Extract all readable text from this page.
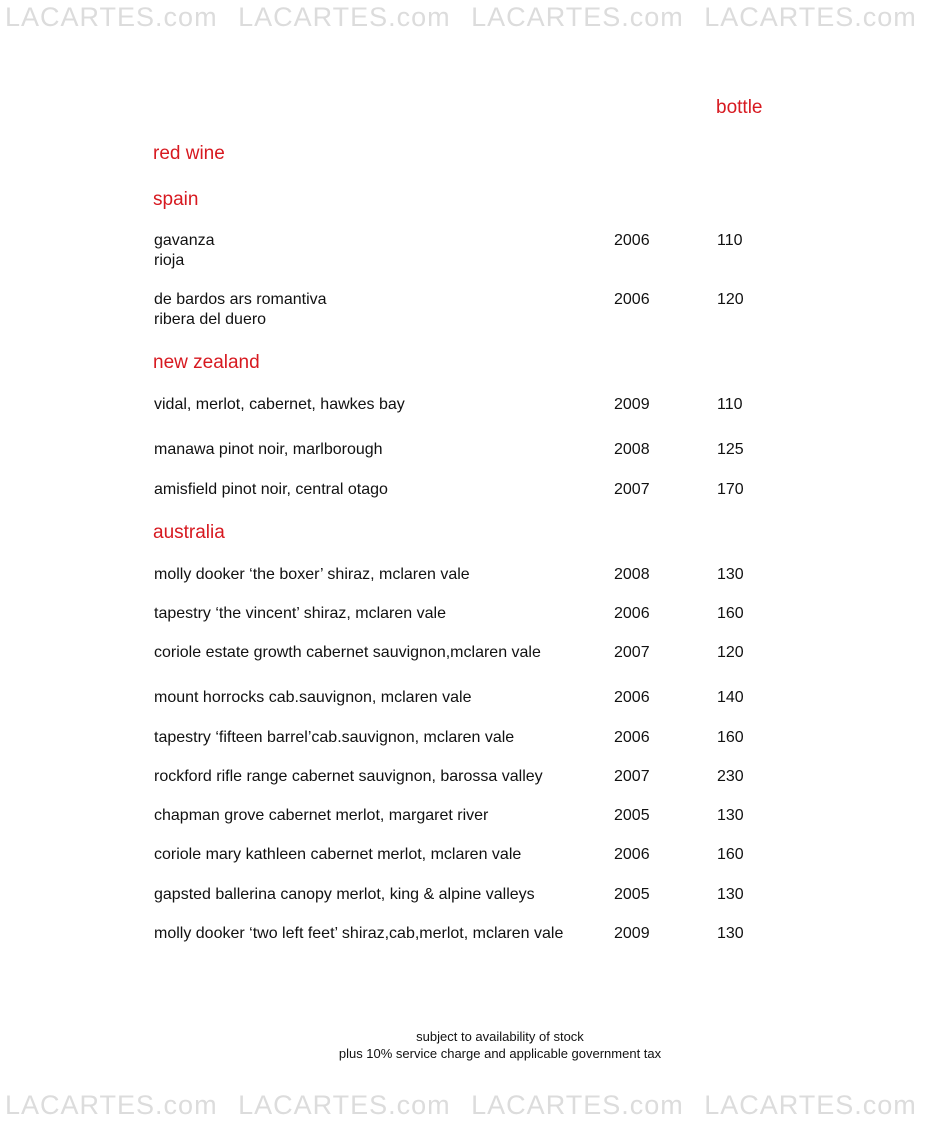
LACARTES.com LACARTES.com LACARTES.com LACARTES.com
bottle
red wine
spain
gavanza
rioja
2006	110
de bardos ars romantiva
ribera del duero
2006	120
new zealand
vidal, merlot, cabernet, hawkes bay	2009	110
manawa pinot noir, marlborough	2008	125
amisfield pinot noir, central otago	2007	170
australia
molly dooker ‘the boxer’ shiraz, mclaren vale	2008	130
tapestry ‘the vincent’ shiraz, mclaren vale	2006	160
coriole estate growth cabernet sauvignon,mclaren vale	2007	120
mount horrocks cab.sauvignon, mclaren vale	2006	140
tapestry ‘fifteen barrel’cab.sauvignon, mclaren vale	2006	160
rockford rifle range cabernet sauvignon, barossa valley	2007	230
chapman grove cabernet merlot, margaret river	2005	130
coriole mary kathleen cabernet merlot, mclaren vale	2006	160
gapsted ballerina canopy merlot, king & alpine valleys	2005	130
molly dooker ‘two left feet’ shiraz,cab,merlot, mclaren vale	2009	130
subject to availability of stock
plus 10% service charge and applicable government tax
LACARTES.com LACARTES.com LACARTES.com LACARTES.com
